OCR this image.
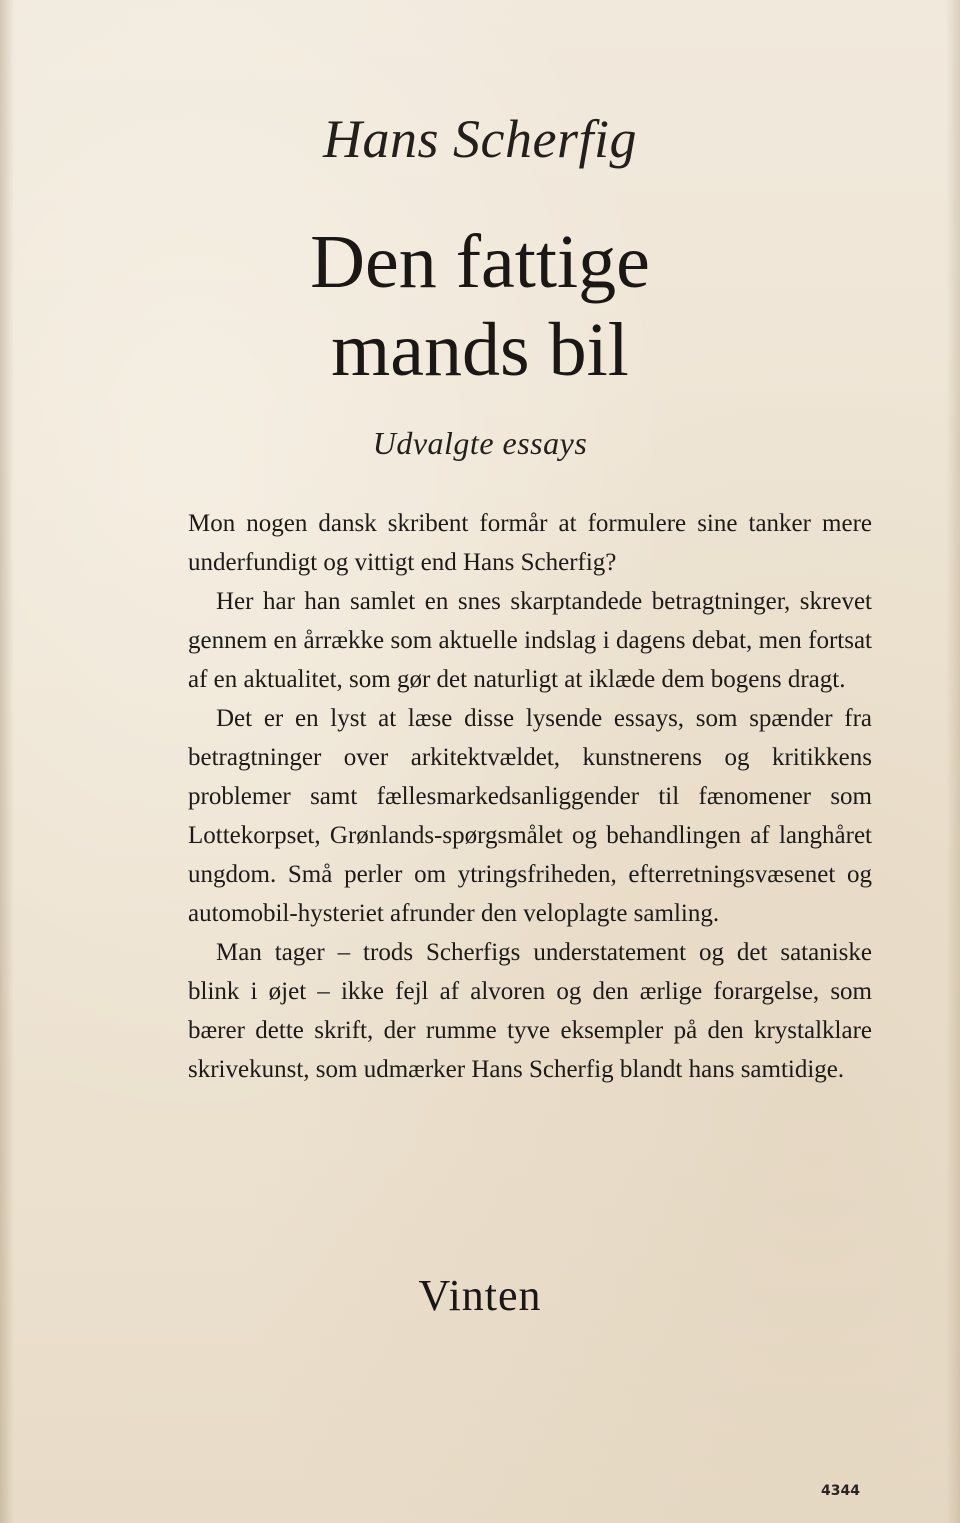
Hans Scherfig
Den fattige
mands bil
Udvalgte essays

Mon nogen dansk skribent formår at formulere sine tanker mere underfundigt og vittigt end Hans Scherfig?

Her har han samlet en snes skarptandede betragtninger, skrevet gennem en årrække som aktuelle indslag i dagens debat, men fortsat af en aktualitet, som gør det naturligt at iklæde dem bogens dragt.

Det er en lyst at læse disse lysende essays, som spænder fra betragtninger over arkitektvældet, kunstnerens og kritikkens problemer samt fællesmarkedsanliggender til fænomener som Lottekorpset, Grønlands-spørgsmålet og behandlingen af langhåret ungdom. Små perler om ytringsfriheden, efterretningsvæsenet og automobil-hysteriet afrunder den veloplagte samling.

Man tager – trods Scherfigs understatement og det sataniske blink i øjet – ikke fejl af alvoren og den ærlige forargelse, som bærer dette skrift, der rumme tyve eksempler på den krystalklare skrivekunst, som udmærker Hans Scherfig blandt hans samtidige.

Vinten
4344
